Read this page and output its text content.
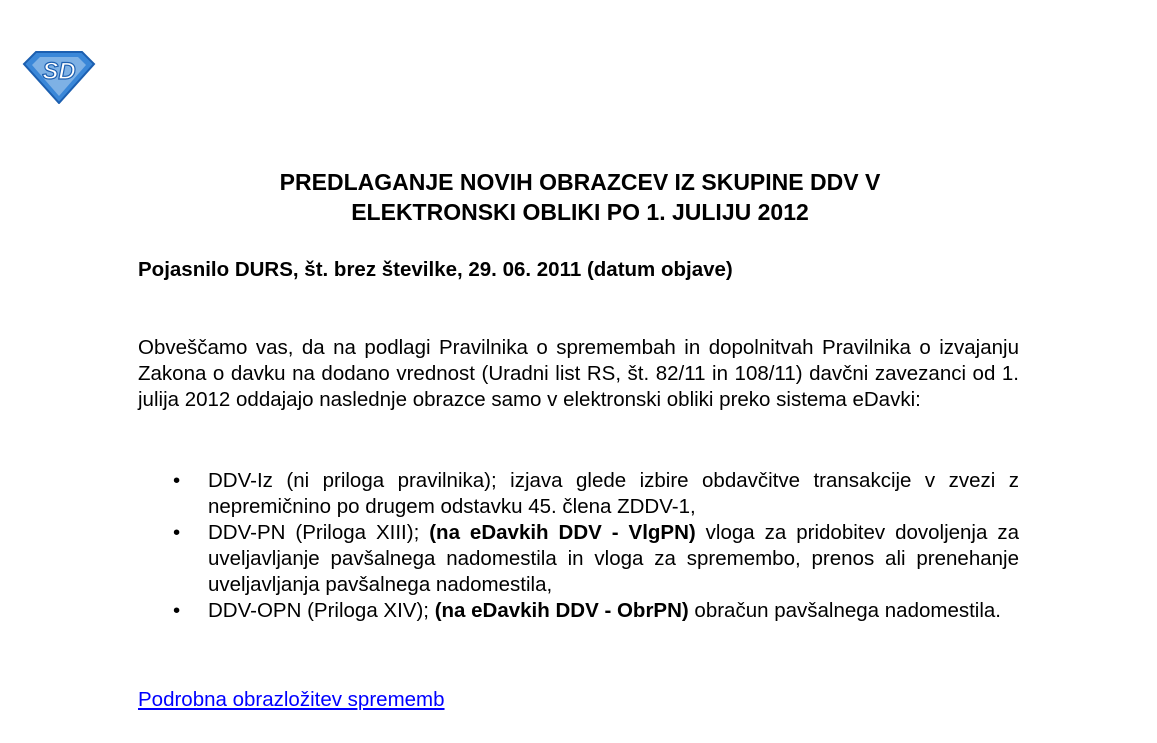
SD
PREDLAGANJE NOVIH OBRAZCEV IZ SKUPINE DDV V
ELEKTRONSKI OBLIKI PO 1. JULIJU 2012
Pojasnilo DURS, št. brez številke, 29. 06. 2011 (datum objave)

Obveščamo vas, da na podlagi Pravilnika o spremembah in dopolnitvah Pravilnika o izvajanju Zakona o davku na dodano vrednost (Uradni list RS, št. 82/11 in 108/11) davčni zavezanci od 1. julija 2012 oddajajo naslednje obrazce samo v elektronski obliki preko sistema eDavki:

• DDV-Iz (ni priloga pravilnika); izjava glede izbire obdavčitve transakcije v zvezi z nepremičnino po drugem odstavku 45. člena ZDDV-1,
• DDV-PN (Priloga XIII); (na eDavkih DDV - VlgPN) vloga za pridobitev dovoljenja za uveljavljanje pavšalnega nadomestila in vloga za spremembo, prenos ali prenehanje uveljavljanja pavšalnega nadomestila,
• DDV-OPN (Priloga XIV); (na eDavkih DDV - ObrPN) obračun pavšalnega nadomestila.
Podrobna obrazložitev sprememb
